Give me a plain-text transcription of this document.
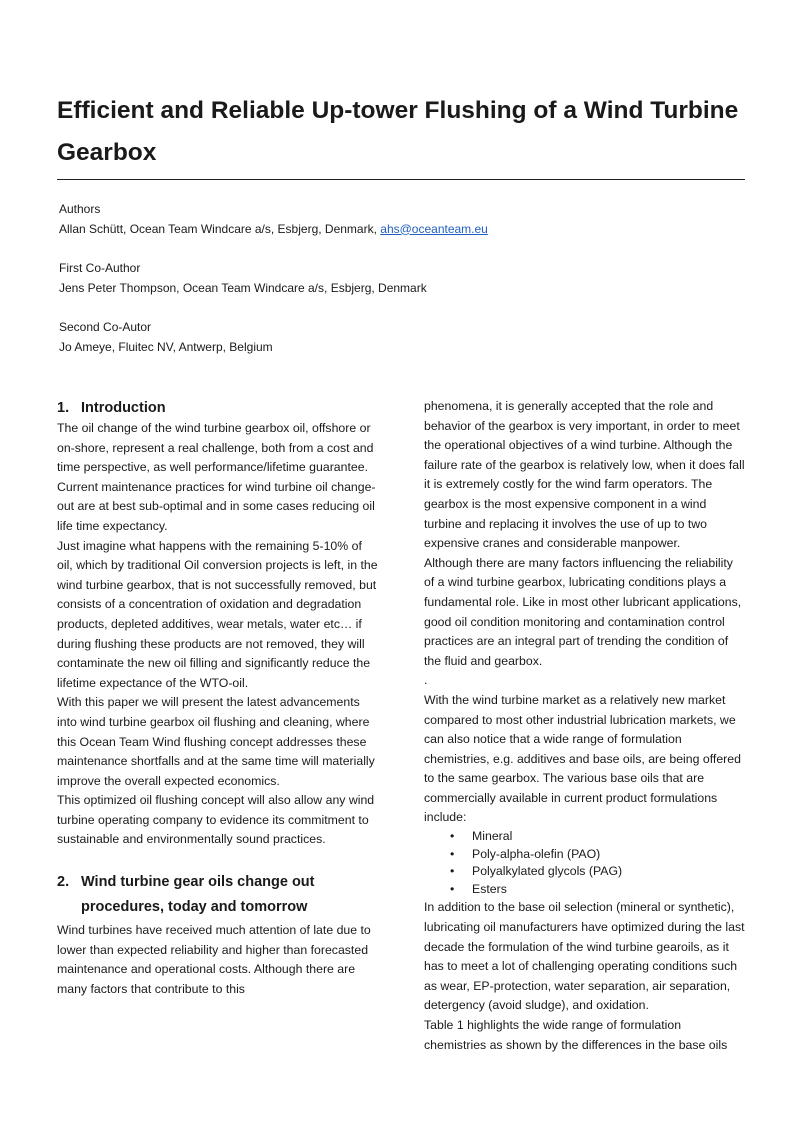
Efficient and Reliable Up-tower Flushing of a Wind Turbine Gearbox

Authors

Allan Schütt, Ocean Team Windcare a/s, Esbjerg, Denmark, ahs@oceanteam.eu

First Co-Author

Jens Peter Thompson, Ocean Team Windcare a/s, Esbjerg, Denmark

Second Co-Autor

Jo Ameye, Fluitec NV, Antwerp, Belgium

1. Introduction

The oil change of the wind turbine gearbox oil, offshore or on-shore, represent a real challenge, both from a cost and time perspective, as well performance/lifetime guarantee. Current maintenance practices for wind turbine oil change-out are at best sub-optimal and in some cases reducing oil life time expectancy.

Just imagine what happens with the remaining 5-10% of oil, which by traditional Oil conversion projects is left, in the wind turbine gearbox, that is not successfully removed, but consists of a concentration of oxidation and degradation products, depleted additives, wear metals, water etc… if during flushing these products are not removed, they will contaminate the new oil filling and significantly reduce the lifetime expectance of the WTO-oil.

With this paper we will present the latest advancements into wind turbine gearbox oil flushing and cleaning, where this Ocean Team Wind flushing concept addresses these maintenance shortfalls and at the same time will materially improve the overall expected economics.

This optimized oil flushing concept will also allow any wind turbine operating company to evidence its commitment to sustainable and environmentally sound practices.

2. Wind turbine gear oils change out procedures, today and tomorrow

Wind turbines have received much attention of late due to lower than expected reliability and higher than forecasted maintenance and operational costs. Although there are many factors that contribute to this

phenomena, it is generally accepted that the role and behavior of the gearbox is very important, in order to meet the operational objectives of a wind turbine. Although the failure rate of the gearbox is relatively low, when it does fall it is extremely costly for the wind farm operators. The gearbox is the most expensive component in a wind turbine and replacing it involves the use of up to two expensive cranes and considerable manpower.

Although there are many factors influencing the reliability of a wind turbine gearbox, lubricating conditions plays a fundamental role. Like in most other lubricant applications, good oil condition monitoring and contamination control practices are an integral part of trending the condition of the fluid and gearbox.

.

With the wind turbine market as a relatively new market compared to most other industrial lubrication markets, we can also notice that a wide range of formulation chemistries, e.g. additives and base oils, are being offered to the same gearbox. The various base oils that are commercially available in current product formulations include:

• Mineral
• Poly-alpha-olefin (PAO)
• Polyalkylated glycols (PAG)
• Esters

In addition to the base oil selection (mineral or synthetic), lubricating oil manufacturers have optimized during the last decade the formulation of the wind turbine gearoils, as it has to meet a lot of challenging operating conditions such as wear, EP-protection, water separation, air separation, detergency (avoid sludge), and oxidation.

Table 1 highlights the wide range of formulation chemistries as shown by the differences in the base oils
